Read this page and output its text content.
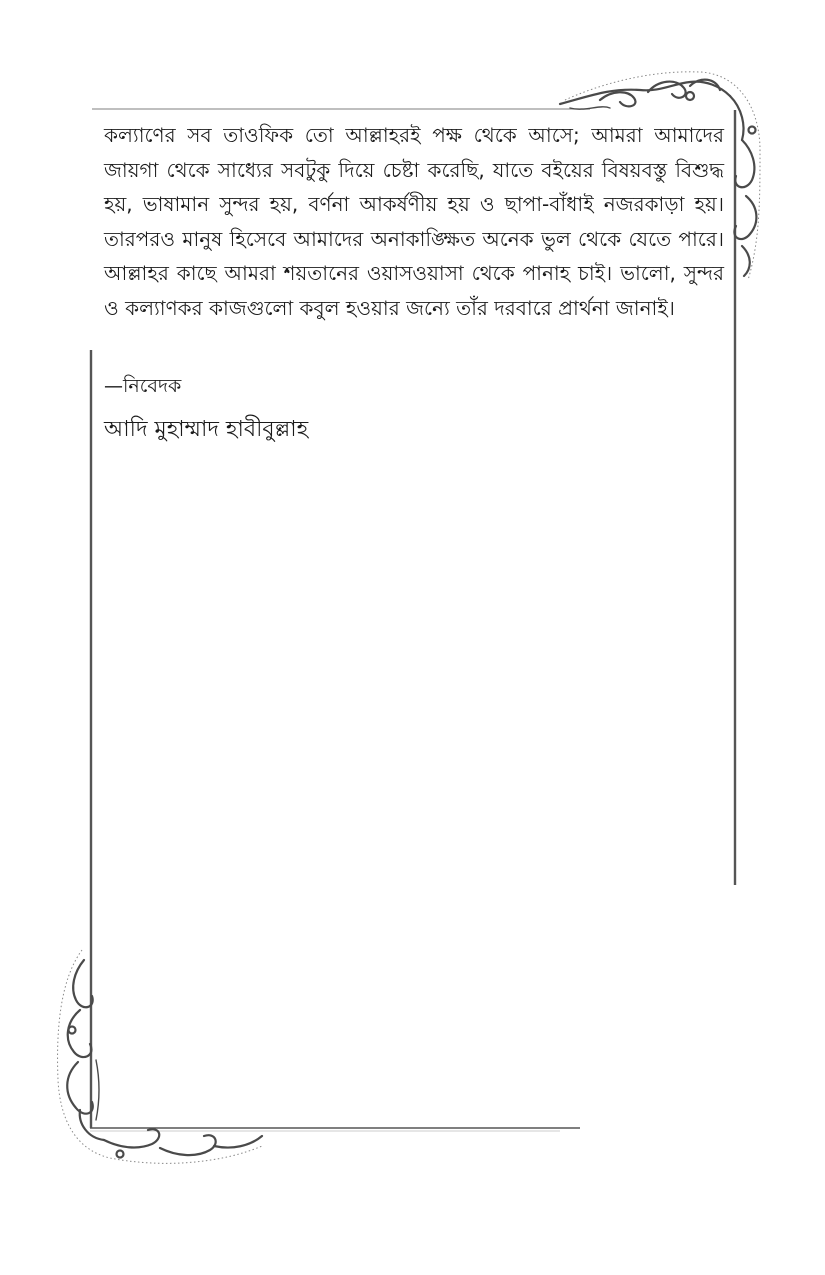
কল্যাণের সব তাওফিক তো আল্লাহরই পক্ষ থেকে আসে; আমরা আমাদের জায়গা থেকে সাধ্যের সবটুকু দিয়ে চেষ্টা করেছি, যাতে বইয়ের বিষয়বস্তু বিশুদ্ধ হয়, ভাষামান সুন্দর হয়, বর্ণনা আকর্ষণীয় হয় ও ছাপা-বাঁধাই নজরকাড়া হয়। তারপরও মানুষ হিসেবে আমাদের অনাকাঙ্ক্ষিত অনেক ভুল থেকে যেতে পারে। আল্লাহর কাছে আমরা শয়তানের ওয়াসওয়াসা থেকে পানাহ চাই। ভালো, সুন্দর ও কল্যাণকর কাজগুলো কবুল হওয়ার জন্যে তাঁর দরবারে প্রার্থনা জানাই।

—নিবেদক

আদি মুহাম্মাদ হাবীবুল্লাহ
